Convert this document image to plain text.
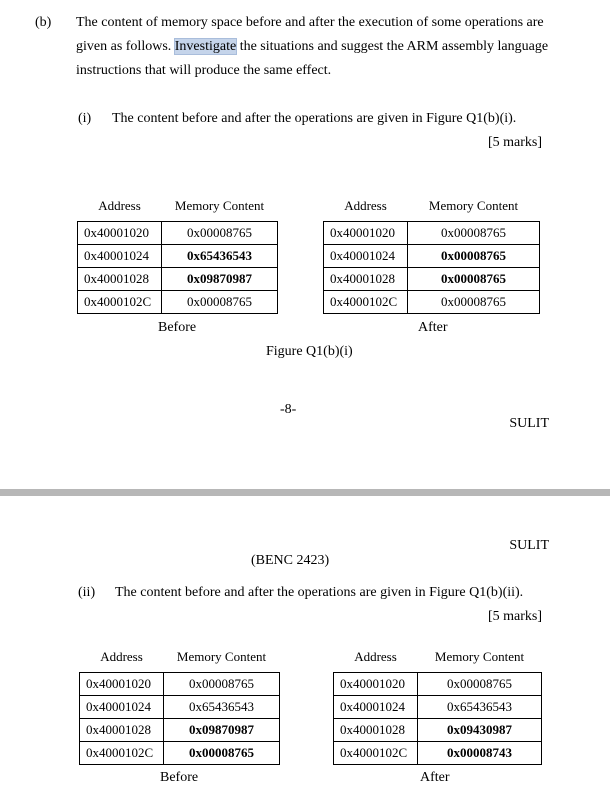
(b) The content of memory space before and after the execution of some operations are
given as follows. Investigate the situations and suggest the ARM assembly language
instructions that will produce the same effect.
(i) The content before and after the operations are given in Figure Q1(b)(i).
[5 marks]
Address	Memory Content
0x40001020	0x00008765
0x40001024	0x65436543
0x40001028	0x09870987
0x4000102C	0x00008765
Before
Address	Memory Content
0x40001020	0x00008765
0x40001024	0x00008765
0x40001028	0x00008765
0x4000102C	0x00008765
After
Figure Q1(b)(i)
-8-
SULIT
SULIT
(BENC 2423)
(ii) The content before and after the operations are given in Figure Q1(b)(ii).
[5 marks]
Address	Memory Content
0x40001020	0x00008765
0x40001024	0x65436543
0x40001028	0x09870987
0x4000102C	0x00008765
Before
Address	Memory Content
0x40001020	0x00008765
0x40001024	0x65436543
0x40001028	0x09430987
0x4000102C	0x00008743
After
